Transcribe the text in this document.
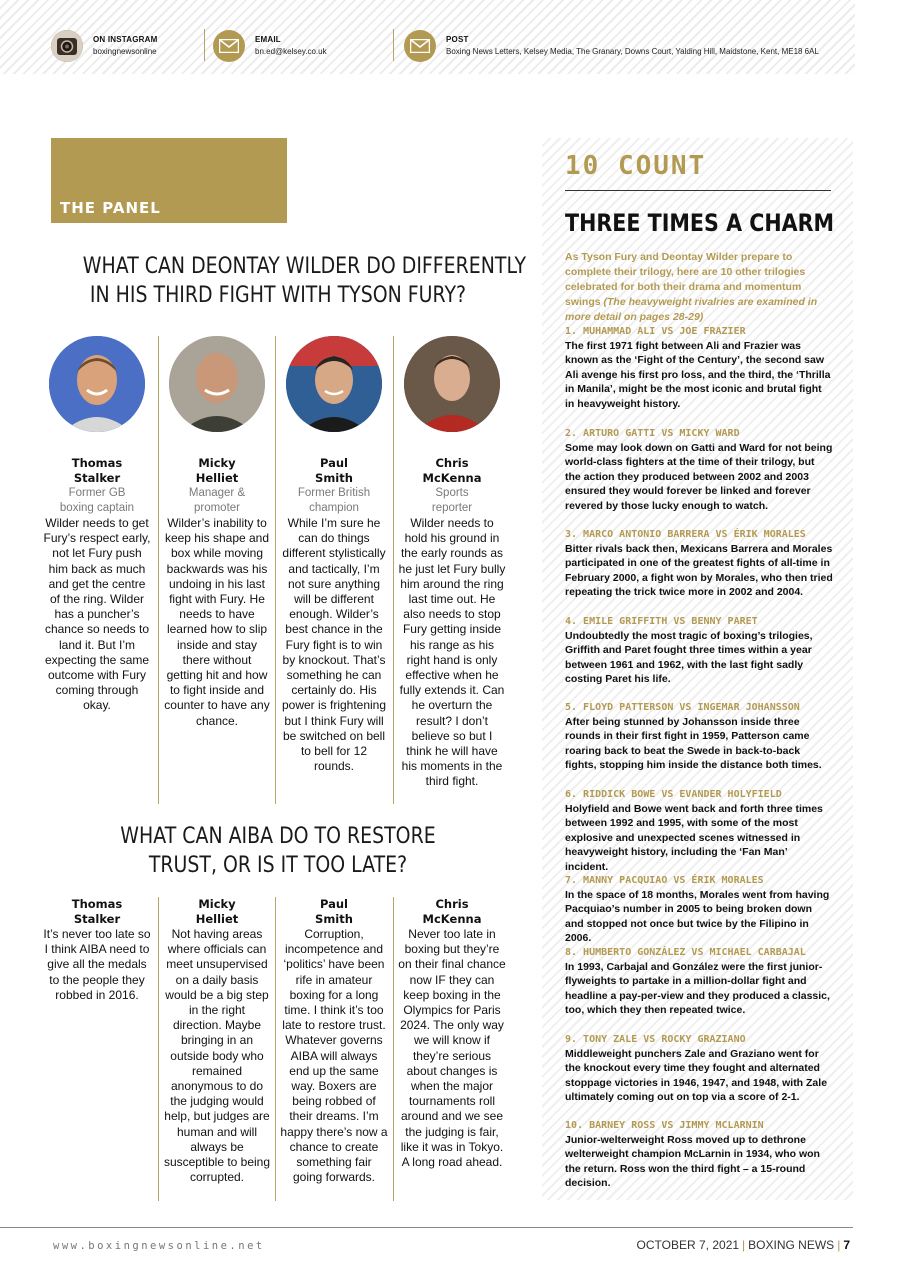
ON INSTAGRAM
boxingnewsonline
EMAIL
bn.ed@kelsey.co.uk
POST
Boxing News Letters, Kelsey Media, The Granary, Downs Court, Yalding Hill, Maidstone, Kent, ME18 6AL
THE PANEL
WHAT CAN DEONTAY WILDER DO DIFFERENTLY
IN HIS THIRD FIGHT WITH TYSON FURY?
Thomas
Stalker
Former GB
boxing captain
Wilder needs to get Fury’s respect early, not let Fury push him back as much and get the centre of the ring. Wilder has a puncher’s chance so needs to land it. But I’m expecting the same outcome with Fury coming through okay.
Micky
Helliet
Manager &
promoter
Wilder’s inability to keep his shape and box while moving backwards was his undoing in his last fight with Fury. He needs to have learned how to slip inside and stay there without getting hit and how to fight inside and counter to have any chance.
Paul
Smith
Former British
champion
While I’m sure he can do things different stylistically and tactically, I’m not sure anything will be different enough. Wilder’s best chance in the Fury fight is to win by knockout. That’s something he can certainly do. His power is frightening but I think Fury will be switched on bell to bell for 12 rounds.
Chris
McKenna
Sports
reporter
Wilder needs to hold his ground in the early rounds as he just let Fury bully him around the ring last time out. He also needs to stop Fury getting inside his range as his right hand is only effective when he fully extends it. Can he overturn the result? I don’t believe so but I think he will have his moments in the third fight.
WHAT CAN AIBA DO TO RESTORE
TRUST, OR IS IT TOO LATE?
Thomas
Stalker
It’s never too late so I think AIBA need to give all the medals to the people they robbed in 2016.
Micky
Helliet
Not having areas where officials can meet unsupervised on a daily basis would be a big step in the right direction. Maybe bringing in an outside body who remained anonymous to do the judging would help, but judges are human and will always be susceptible to being corrupted.
Paul
Smith
Corruption, incompetence and ‘politics’ have been rife in amateur boxing for a long time. I think it’s too late to restore trust. Whatever governs AIBA will always end up the same way. Boxers are being robbed of their dreams. I’m happy there’s now a chance to create something fair going forwards.
Chris
McKenna
Never too late in boxing but they’re on their final chance now IF they can keep boxing in the Olympics for Paris 2024. The only way we will know if they’re serious about changes is when the major tournaments roll around and we see the judging is fair, like it was in Tokyo. A long road ahead.
10 COUNT
THREE TIMES A CHARM
As Tyson Fury and Deontay Wilder prepare to complete their trilogy, here are 10 other trilogies celebrated for both their drama and momentum swings (The heavyweight rivalries are examined in more detail on pages 28-29)
1. MUHAMMAD ALI VS JOE FRAZIER
The first 1971 fight between Ali and Frazier was known as the ‘Fight of the Century’, the second saw Ali avenge his first pro loss, and the third, the ‘Thrilla in Manila’, might be the most iconic and brutal fight in heavyweight history.
2. ARTURO GATTI VS MICKY WARD
Some may look down on Gatti and Ward for not being world-class fighters at the time of their trilogy, but the action they produced between 2002 and 2003 ensured they would forever be linked and forever revered by those lucky enough to watch.
3. MARCO ANTONIO BARRERA VS ÉRIK MORALES
Bitter rivals back then, Mexicans Barrera and Morales participated in one of the greatest fights of all-time in February 2000, a fight won by Morales, who then tried repeating the trick twice more in 2002 and 2004.
4. EMILE GRIFFITH VS BENNY PARET
Undoubtedly the most tragic of boxing’s trilogies, Griffith and Paret fought three times within a year between 1961 and 1962, with the last fight sadly costing Paret his life.
5. FLOYD PATTERSON VS INGEMAR JOHANSSON
After being stunned by Johansson inside three rounds in their first fight in 1959, Patterson came roaring back to beat the Swede in back-to-back fights, stopping him inside the distance both times.
6. RIDDICK BOWE VS EVANDER HOLYFIELD
Holyfield and Bowe went back and forth three times between 1992 and 1995, with some of the most explosive and unexpected scenes witnessed in heavyweight history, including the ‘Fan Man’ incident.
7. MANNY PACQUIAO VS ÉRIK MORALES
In the space of 18 months, Morales went from having Pacquiao’s number in 2005 to being broken down and stopped not once but twice by the Filipino in 2006.
8. HUMBERTO GONZÁLEZ VS MICHAEL CARBAJAL
In 1993, Carbajal and González were the first junior-flyweights to partake in a million-dollar fight and headline a pay-per-view and they produced a classic, too, which they then repeated twice.
9. TONY ZALE VS ROCKY GRAZIANO
Middleweight punchers Zale and Graziano went for the knockout every time they fought and alternated stoppage victories in 1946, 1947, and 1948, with Zale ultimately coming out on top via a score of 2-1.
10. BARNEY ROSS VS JIMMY MCLARNIN
Junior-welterweight Ross moved up to dethrone welterweight champion McLarnin in 1934, who won the return. Ross won the third fight – a 15-round decision.
www.boxingnewsonline.net	OCTOBER 7, 2021 | BOXING NEWS | 7
